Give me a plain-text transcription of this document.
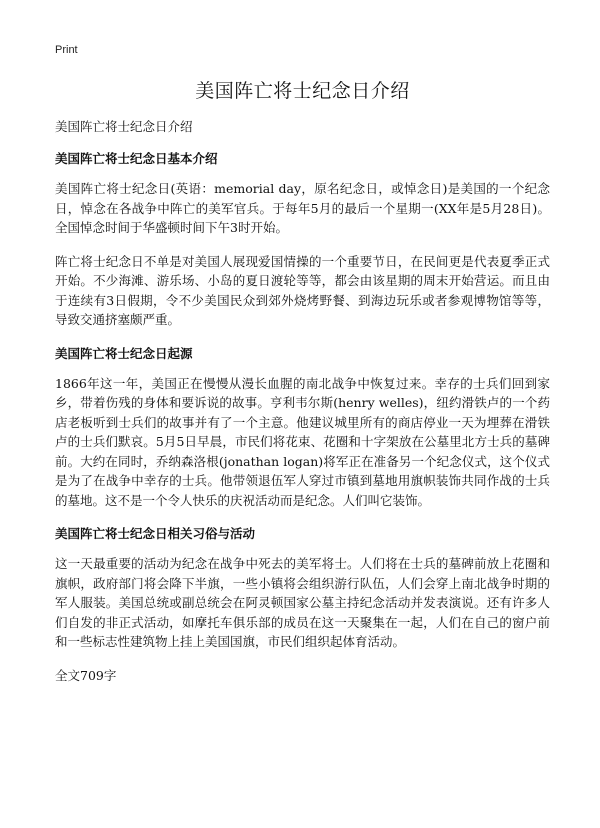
Print
美国阵亡将士纪念日介绍
美国阵亡将士纪念日介绍
美国阵亡将士纪念日基本介绍

美国阵亡将士纪念日(英语：memorial day，原名纪念日，或悼念日)是美国的一个纪念日，悼念在各战争中阵亡的美军官兵。于每年5月的最后一个星期一(XX年是5月28日)。全国悼念时间于华盛顿时间下午3时开始。

阵亡将士纪念日不单是对美国人展现爱国情操的一个重要节日，在民间更是代表夏季正式开始。不少海滩、游乐场、小岛的夏日渡轮等等，都会由该星期的周末开始营运。而且由于连续有3日假期，令不少美国民众到郊外烧烤野餐、到海边玩乐或者参观博物馆等等，导致交通挤塞颇严重。

美国阵亡将士纪念日起源

1866年这一年，美国正在慢慢从漫长血腥的南北战争中恢复过来。幸存的士兵们回到家乡，带着伤残的身体和要诉说的故事。亨利韦尔斯(henry welles)，纽约滑铁卢的一个药店老板听到士兵们的故事并有了一个主意。他建议城里所有的商店停业一天为埋葬在滑铁卢的士兵们默哀。5月5日早晨，市民们将花束、花圈和十字架放在公墓里北方士兵的墓碑前。大约在同时，乔纳森洛根(jonathan logan)将军正在准备另一个纪念仪式，这个仪式是为了在战争中幸存的士兵。他带领退伍军人穿过市镇到墓地用旗帜装饰共同作战的士兵的墓地。这不是一个令人快乐的庆祝活动而是纪念。人们叫它装饰。

美国阵亡将士纪念日相关习俗与活动

这一天最重要的活动为纪念在战争中死去的美军将士。人们将在士兵的墓碑前放上花圈和旗帜，政府部门将会降下半旗，一些小镇将会组织游行队伍，人们会穿上南北战争时期的军人服装。美国总统或副总统会在阿灵顿国家公墓主持纪念活动并发表演说。还有许多人们自发的非正式活动，如摩托车俱乐部的成员在这一天聚集在一起，人们在自己的窗户前和一些标志性建筑物上挂上美国国旗，市民们组织起体育活动。

全文709字
